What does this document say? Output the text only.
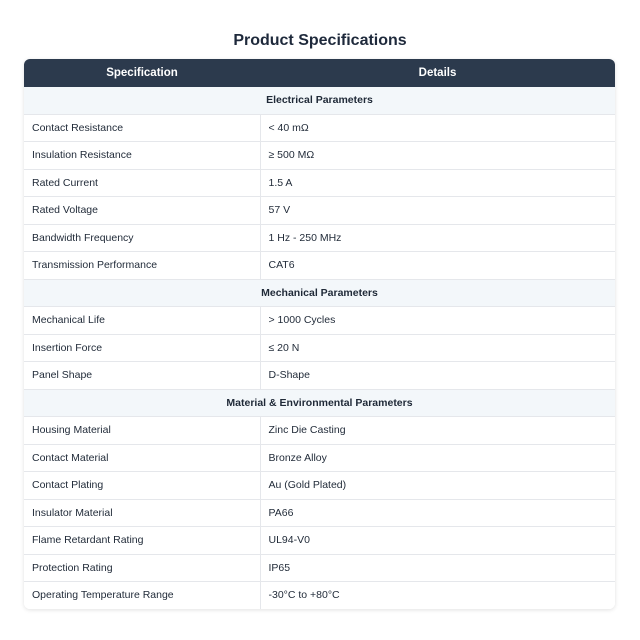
Product Specifications
Specification	Details
Electrical Parameters	
Contact Resistance	< 40 mΩ
Insulation Resistance	≥ 500 MΩ
Rated Current	1.5 A
Rated Voltage	57 V
Bandwidth Frequency	1 Hz - 250 MHz
Transmission Performance	CAT6
Mechanical Parameters	
Mechanical Life	> 1000 Cycles
Insertion Force	≤ 20 N
Panel Shape	D-Shape
Material & Environmental Parameters	
Housing Material	Zinc Die Casting
Contact Material	Bronze Alloy
Contact Plating	Au (Gold Plated)
Insulator Material	PA66
Flame Retardant Rating	UL94-V0
Protection Rating	IP65
Operating Temperature Range	-30°C to +80°C
